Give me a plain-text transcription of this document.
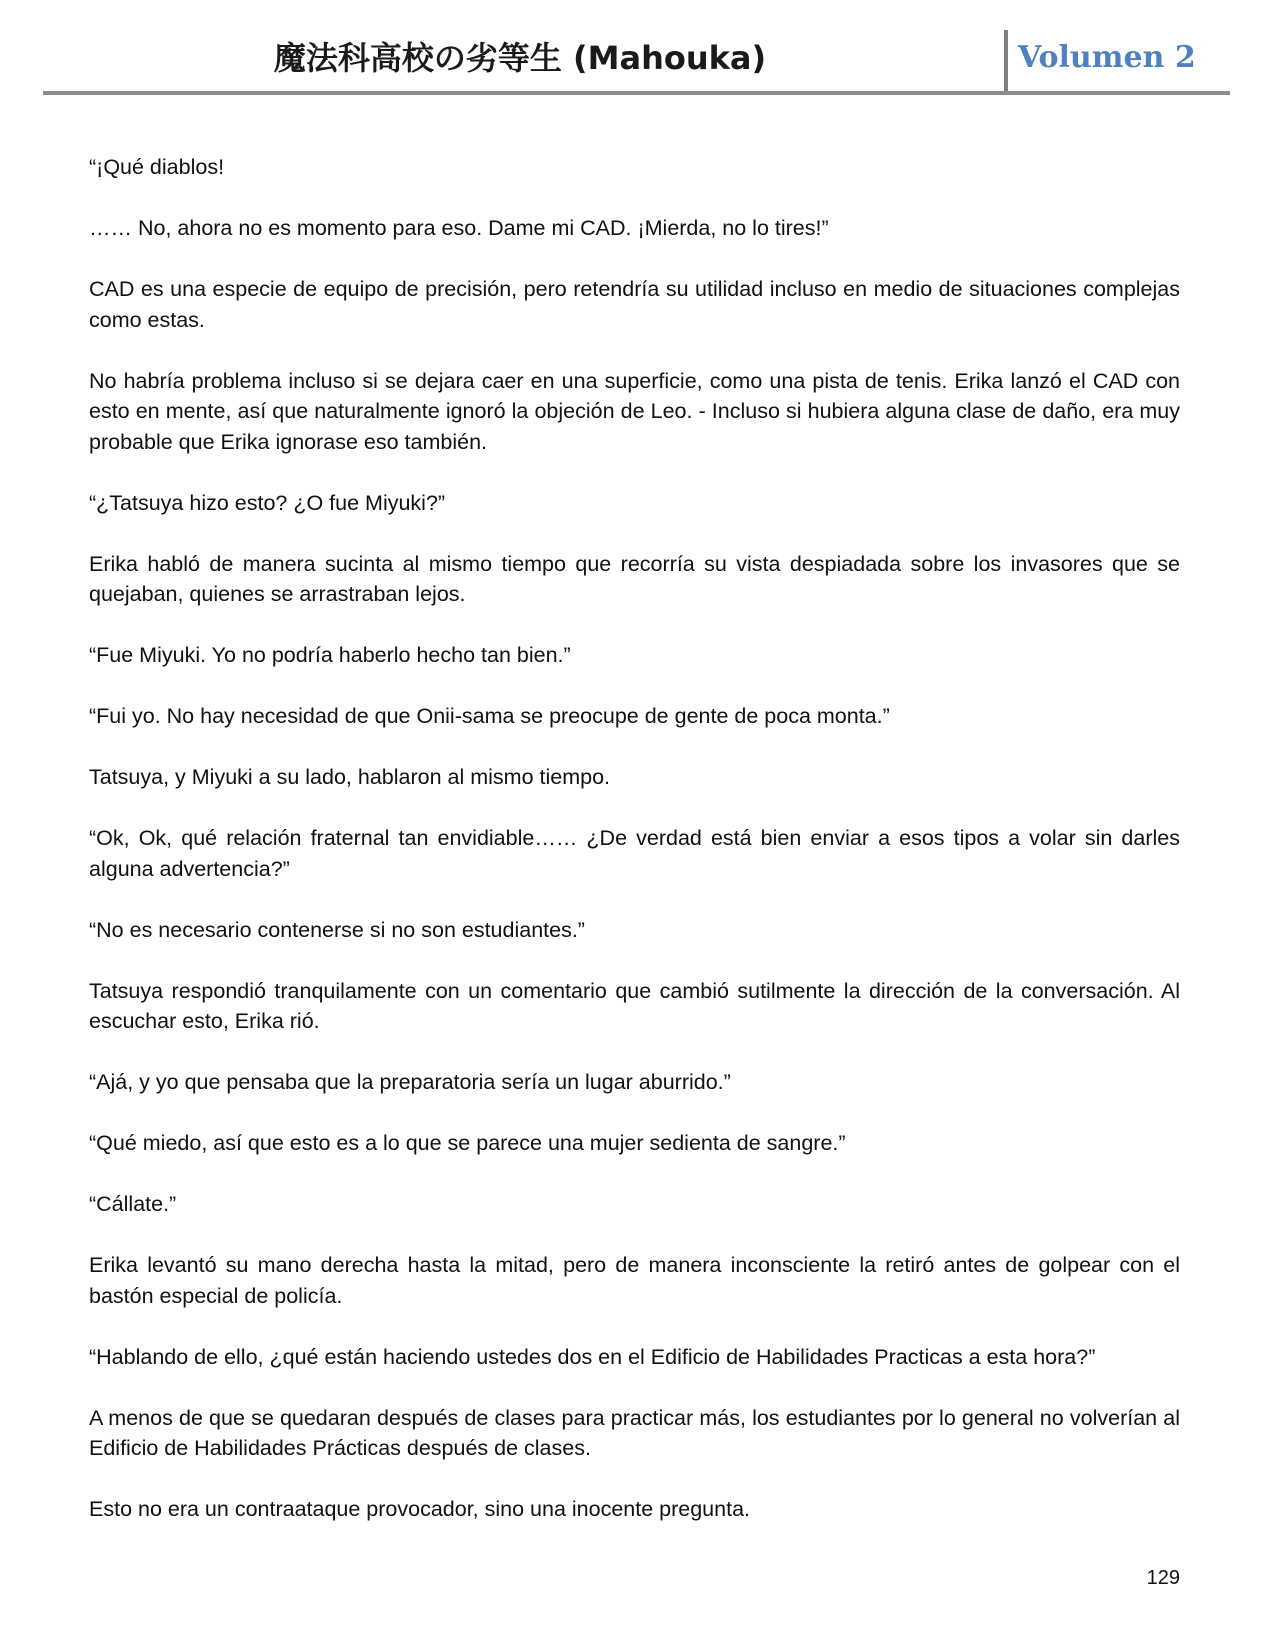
魔法科高校の劣等生 (Mahouka)	Volumen 2

“¡Qué diablos!

…… No, ahora no es momento para eso. Dame mi CAD. ¡Mierda, no lo tires!”

CAD es una especie de equipo de precisión, pero retendría su utilidad incluso en medio de situaciones complejas como estas.

No habría problema incluso si se dejara caer en una superficie, como una pista de tenis. Erika lanzó el CAD con esto en mente, así que naturalmente ignoró la objeción de Leo. - Incluso si hubiera alguna clase de daño, era muy probable que Erika ignorase eso también.

“¿Tatsuya hizo esto? ¿O fue Miyuki?”

Erika habló de manera sucinta al mismo tiempo que recorría su vista despiadada sobre los invasores que se quejaban, quienes se arrastraban lejos.

“Fue Miyuki. Yo no podría haberlo hecho tan bien.”

“Fui yo. No hay necesidad de que Onii-sama se preocupe de gente de poca monta.”

Tatsuya, y Miyuki a su lado, hablaron al mismo tiempo.

“Ok, Ok, qué relación fraternal tan envidiable…… ¿De verdad está bien enviar a esos tipos a volar sin darles alguna advertencia?”

“No es necesario contenerse si no son estudiantes.”

Tatsuya respondió tranquilamente con un comentario que cambió sutilmente la dirección de la conversación. Al escuchar esto, Erika rió.

“Ajá, y yo que pensaba que la preparatoria sería un lugar aburrido.”

“Qué miedo, así que esto es a lo que se parece una mujer sedienta de sangre.”

“Cállate.”

Erika levantó su mano derecha hasta la mitad, pero de manera inconsciente la retiró antes de golpear con el bastón especial de policía.

“Hablando de ello, ¿qué están haciendo ustedes dos en el Edificio de Habilidades Practicas a esta hora?”

A menos de que se quedaran después de clases para practicar más, los estudiantes por lo general no volverían al Edificio de Habilidades Prácticas después de clases.

Esto no era un contraataque provocador, sino una inocente pregunta.

129
